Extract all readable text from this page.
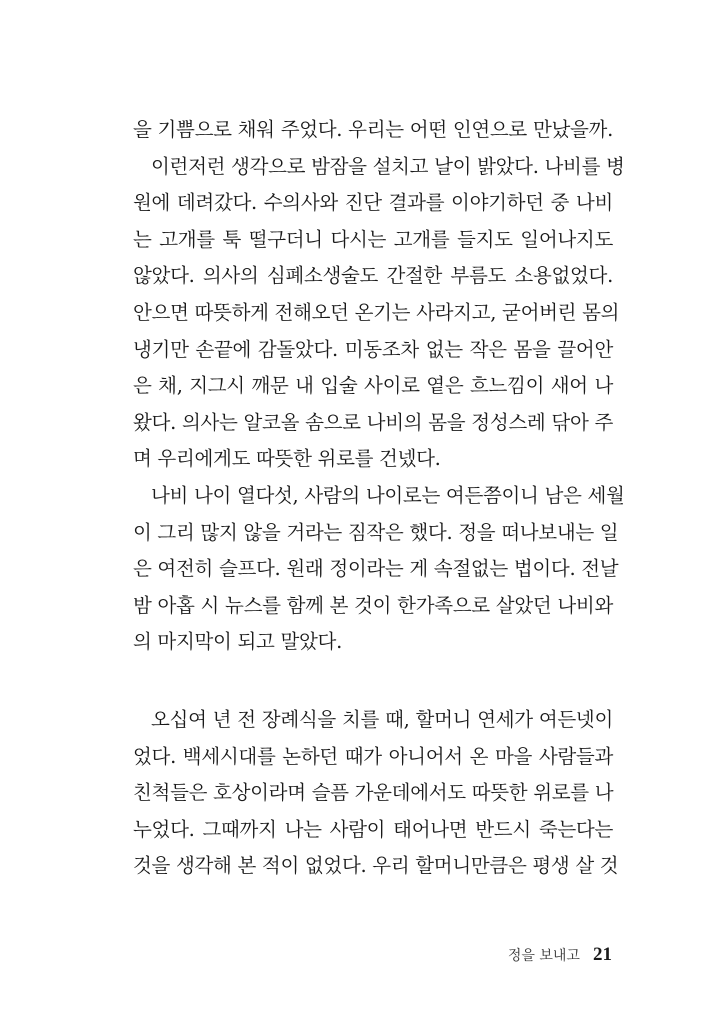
을 기쁨으로 채워 주었다. 우리는 어떤 인연으로 만났을까.
이런저런 생각으로 밤잠을 설치고 날이 밝았다. 나비를 병
원에 데려갔다. 수의사와 진단 결과를 이야기하던 중 나비
는 고개를 툭 떨구더니 다시는 고개를 들지도 일어나지도
않았다. 의사의 심폐소생술도 간절한 부름도 소용없었다.
안으면 따뜻하게 전해오던 온기는 사라지고, 굳어버린 몸의
냉기만 손끝에 감돌았다. 미동조차 없는 작은 몸을 끌어안
은 채, 지그시 깨문 내 입술 사이로 옅은 흐느낌이 새어 나
왔다. 의사는 알코올 솜으로 나비의 몸을 정성스레 닦아 주
며 우리에게도 따뜻한 위로를 건넸다.
나비 나이 열다섯, 사람의 나이로는 여든쯤이니 남은 세월
이 그리 많지 않을 거라는 짐작은 했다. 정을 떠나보내는 일
은 여전히 슬프다. 원래 정이라는 게 속절없는 법이다. 전날
밤 아홉 시 뉴스를 함께 본 것이 한가족으로 살았던 나비와
의 마지막이 되고 말았다.
오십여 년 전 장례식을 치를 때, 할머니 연세가 여든넷이
었다. 백세시대를 논하던 때가 아니어서 온 마을 사람들과
친척들은 호상이라며 슬픔 가운데에서도 따뜻한 위로를 나
누었다. 그때까지 나는 사람이 태어나면 반드시 죽는다는
것을 생각해 본 적이 없었다. 우리 할머니만큼은 평생 살 것
정을 보내고 21
